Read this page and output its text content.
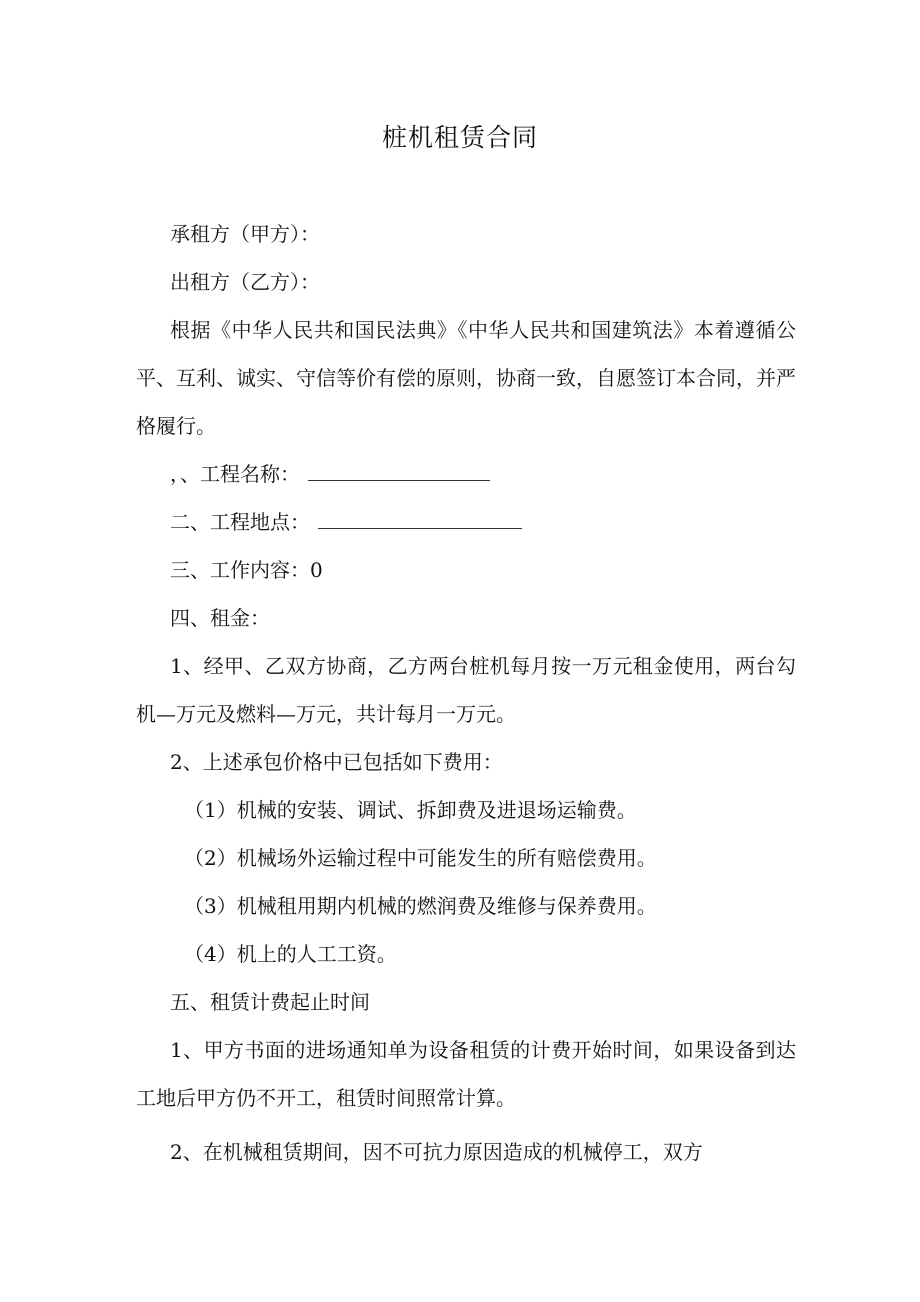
桩机租赁合同

承租方（甲方）：

出租方（乙方）：

根据《中华人民共和国民法典》《中华人民共和国建筑法》本着遵循公平、互利、诚实、守信等价有偿的原则，协商一致，自愿签订本合同，并严格履行。

，、工程名称：

二、工程地点：

三、工作内容：0

四、租金：

1、经甲、乙双方协商，乙方两台桩机每月按一万元租金使用，两台勾机—万元及燃料—万元，共计每月一万元。

2、上述承包价格中已包括如下费用：

（1）机械的安装、调试、拆卸费及进退场运输费。

（2）机械场外运输过程中可能发生的所有赔偿费用。

（3）机械租用期内机械的燃润费及维修与保养费用。

（4）机上的人工工资。

五、租赁计费起止时间

1、甲方书面的进场通知单为设备租赁的计费开始时间，如果设备到达工地后甲方仍不开工，租赁时间照常计算。

2、在机械租赁期间，因不可抗力原因造成的机械停工，双方
